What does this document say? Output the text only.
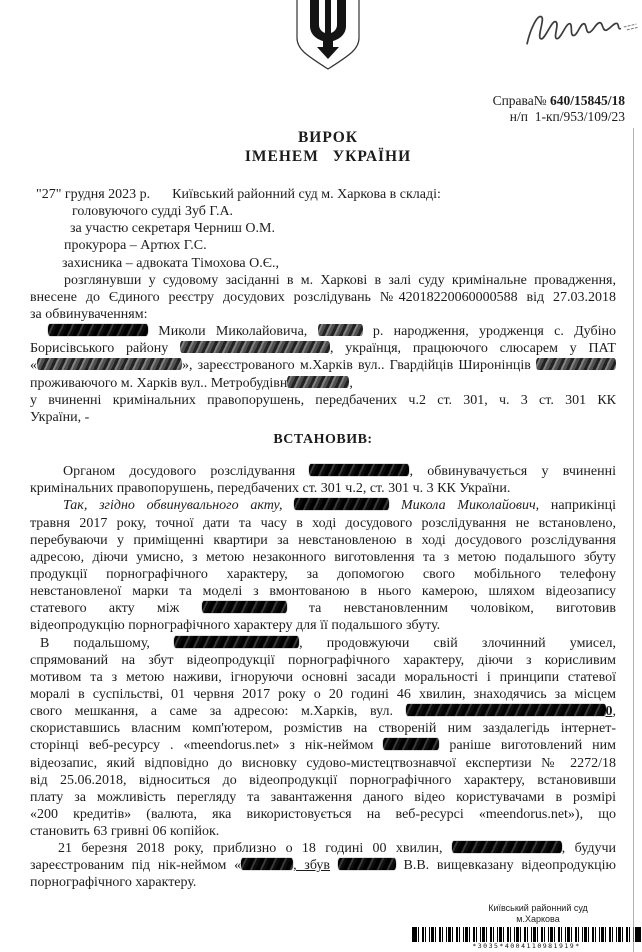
Справа№ 640/15845/18
н/п  1-кп/953/109/23
ВИРОК
ІМЕНЕМ УКРАЇНИ
"27" грудня 2023 р. Київський районний суд м. Харкова в складі:
головуючого судді Зуб Г.А.
за участю секретаря Черниш О.М.
прокурора – Артюх Г.С.
захисника – адвоката Тімохова О.Є.,
розглянувши у судовому засіданні в м. Харкові в залі суду кримінальне провадження,
внесене до Єдиного реєстру досудових розслідувань №42018220060000588 від 27.03.2018
за обвинуваченням:
Миколи Миколайовича,	р. народження, уродженця с. Дубіно
Борисівського району	, українця, працюючого слюсарем у ПАТ
«	», зареєстрованого м.Харків вул.. Гвардійців Широнінців
проживаючого м. Харків вул.. Метробудівн	,
у вчиненні кримінальних правопорушень, передбачених ч.2 ст. 301, ч. 3 ст. 301 КК
України, -
ВСТАНОВИВ:
Органом досудового розслідування	, обвинувачується у вчиненні
кримінальних правопорушень, передбачених ст. 301 ч.2, ст. 301 ч. 3 КК України.
Так, згідно обвинувального акту,	Микола Миколайович, наприкінці
травня 2017 року, точної дати та часу в ході досудового розслідування не встановлено,
перебуваючи у приміщенні квартири за невстановленою в ході досудового розслідування
адресою, діючи умисно, з метою незаконного виготовлення та з метою подальшого збуту
продукції порнографічного характеру, за допомогою свого мобільного телефону
невстановленої марки та моделі з вмонтованою в нього камерою, шляхом відеозапису
статевого акту між	та невстановленним чоловіком, виготовив
відеопродукцію порнографічного характеру для її подальшого збуту.
В подальшому,	, продовжуючи свій злочинний умисел,
спрямований на збут відеопродукції порнографічного характеру, діючи з корисливим
мотивом та з метою наживи, ігноруючи основні засади моральності і принципи статевої
моралі в суспільстві, 01 червня 2017 року о 20 годині 46 хвилин, знаходячись за місцем
свого мешкання, а саме за адресою: м.Харків, вул.	0,
скориставшись власним комп'ютером, розмістив на створеній ним заздалегідь інтернет-
сторінці веб-ресурсу . «meendorus.net» з нік-неймом	раніше виготовлений ним
відеозапис, який відповідно до висновку судово-мистецтвознавчої експертизи № 2272/18
від 25.06.2018, відноситься до відеопродукції порнографічного характеру, встановивши
плату за можливість перегляду та завантаження даного відео користувачами в розмірі
«200 кредитів» (валюта, яка використовується на веб-ресурсі «meendorus.net»), що
становить 63 гривні 06 копійок.
21 березня 2018 року, приблизно о 18 годині 00 хвилин,	, будучи
зареєстрованим під нік-неймом «	, збув	В.В. вищевказану відеопродукцію
порнографічного характеру.
Київський районний суд
м.Харкова
*3035*4004110981919*
